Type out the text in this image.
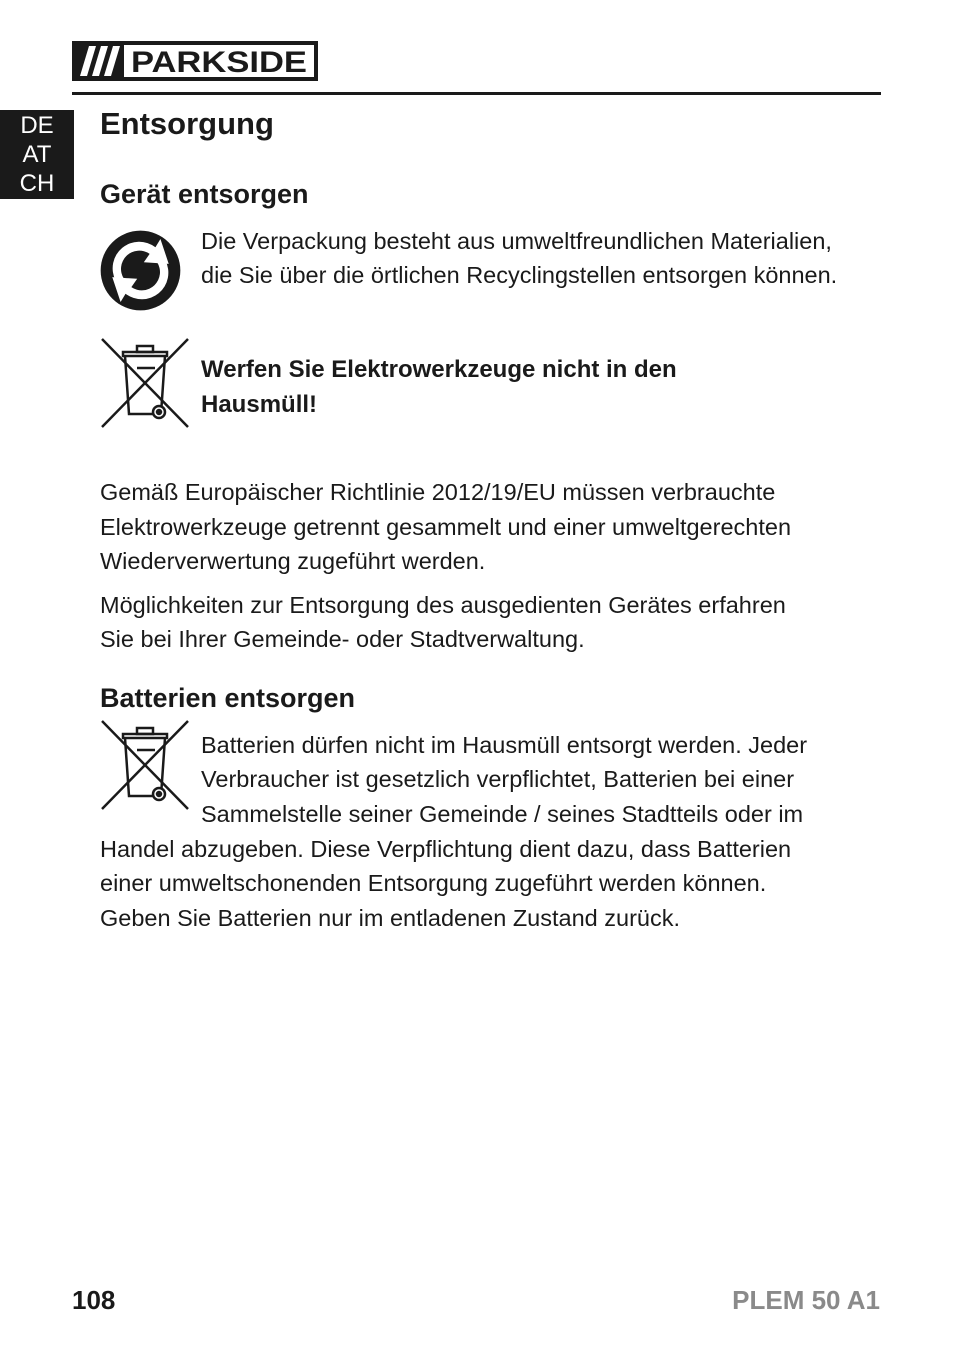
PARKSIDE
DE
AT
CH
Entsorgung
Gerät entsorgen

Die Verpackung besteht aus umweltfreundlichen Materialien,

die Sie über die örtlichen Recyclingstellen entsorgen können.

Werfen Sie Elektrowerkzeuge nicht in den

Hausmüll!

Gemäß Europäischer Richtlinie 2012/19/EU müssen verbrauchte

Elektrowerkzeuge getrennt gesammelt und einer umweltgerechten

Wiederverwertung zugeführt werden.

Möglichkeiten zur Entsorgung des ausgedienten Gerätes erfahren

Sie bei Ihrer Gemeinde- oder Stadtverwaltung.

Batterien entsorgen

Batterien dürfen nicht im Hausmüll entsorgt werden. Jeder

Verbraucher ist gesetzlich verpflichtet, Batterien bei einer

Sammelstelle seiner Gemeinde / seines Stadtteils oder im

Handel abzugeben. Diese Verpflichtung dient dazu, dass Batterien

einer umweltschonenden Entsorgung zugeführt werden können.

Geben Sie Batterien nur im entladenen Zustand zurück.

108	PLEM 50 A1
